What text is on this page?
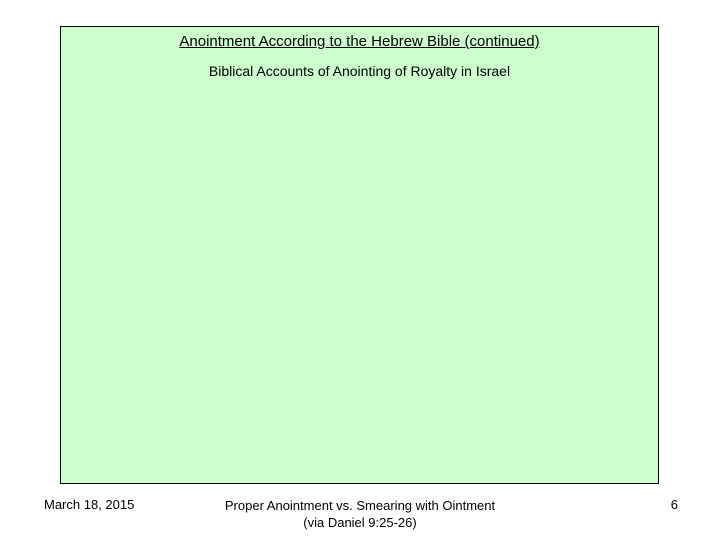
Anointment According to the Hebrew Bible (continued)
Biblical Accounts of Anointing of Royalty in Israel
March 18, 2015	Proper Anointment vs. Smearing with Ointment
(via Daniel 9:25-26)
6
